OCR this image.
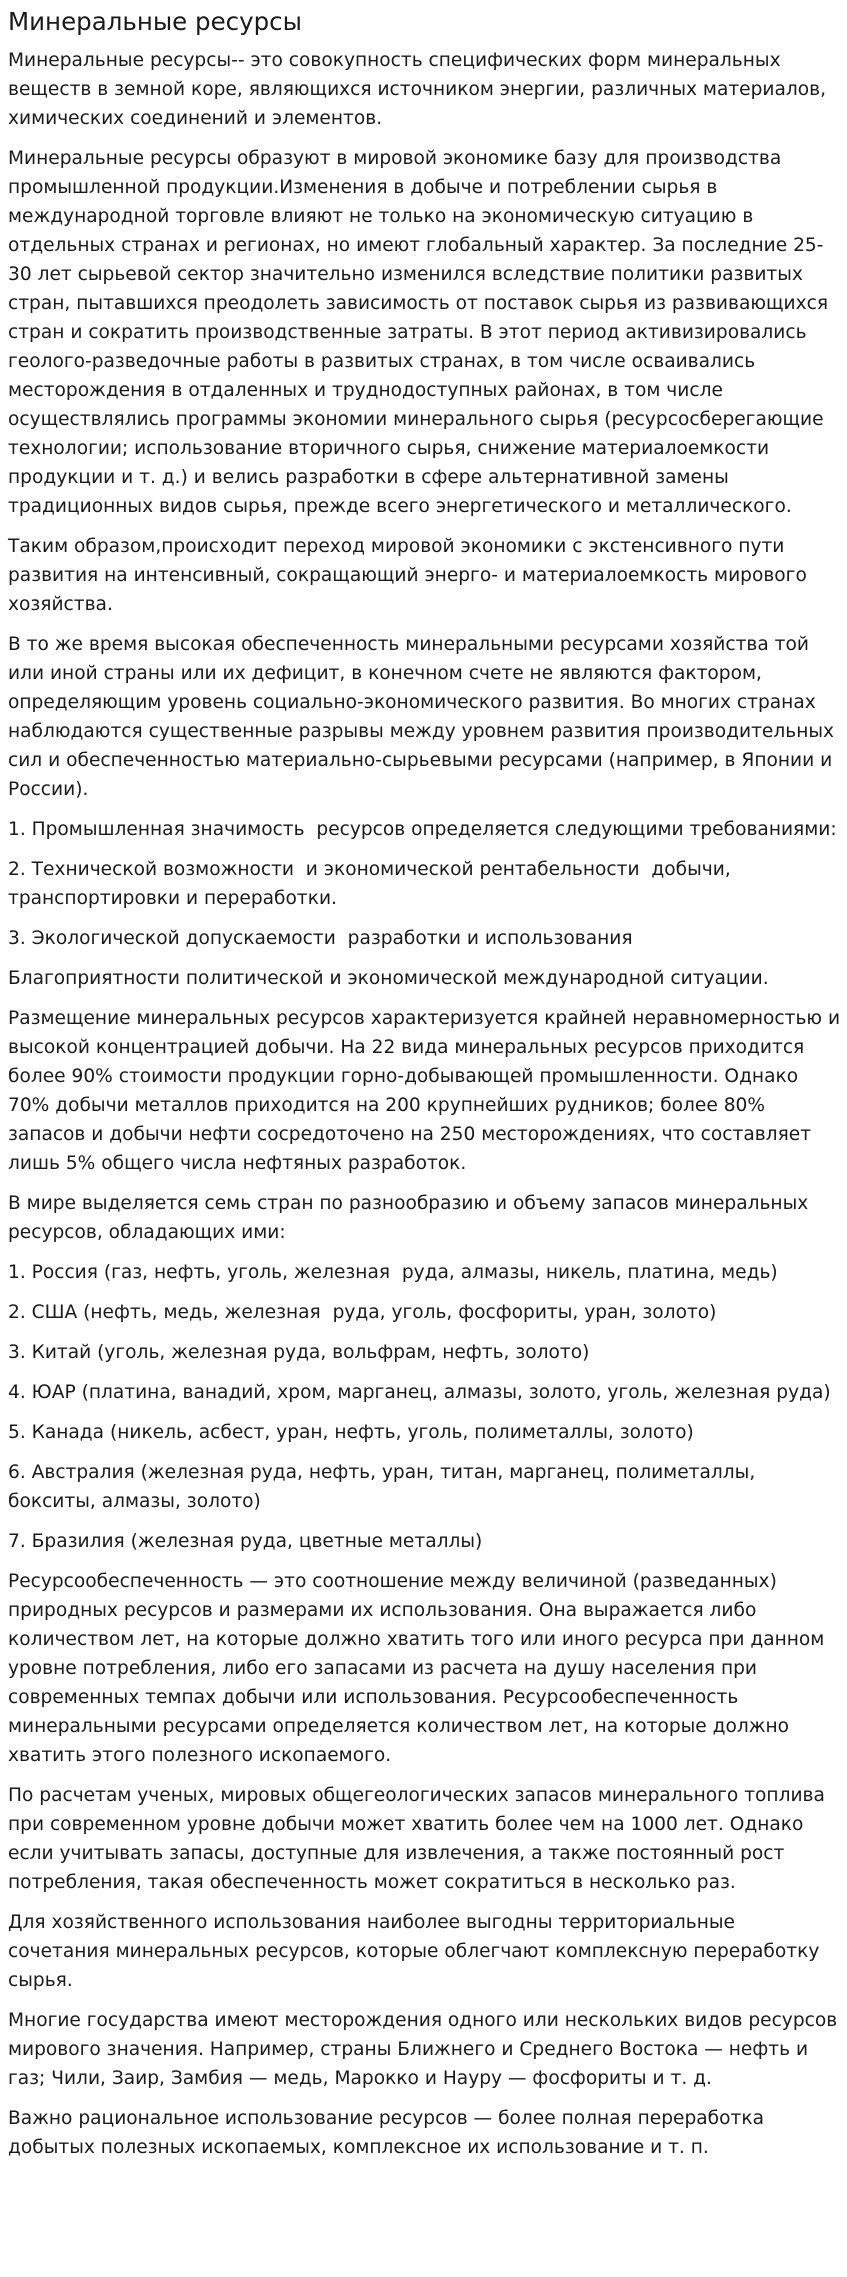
Минеральные ресурсы

Минеральные ресурсы-- это совокупность специфических форм минеральных веществ в земной коре, являющихся источником энергии, различных материалов, химических соединений и элементов.

Минеральные ресурсы образуют в мировой экономике базу для производства промышленной продукции.Изменения в добыче и потреблении сырья в международной торговле влияют не только на экономическую ситуацию в отдельных странах и регионах, но имеют глобальный характер. За последние 25-30 лет сырьевой сектор значительно изменился вследствие политики развитых стран, пытавшихся преодолеть зависимость от поставок сырья из развивающихся стран и сократить производственные затраты. В этот период активизировались геолого-разведочные работы в развитых странах, в том числе осваивались месторождения в отдаленных и труднодоступных районах, в том числе осуществлялись программы экономии минерального сырья (ресурсосберегающие технологии; использование вторичного сырья, снижение материалоемкости продукции и т. д.) и велись разработки в сфере альтернативной замены традиционных видов сырья, прежде всего энергетического и металлического.

Таким образом,происходит переход мировой экономики с экстенсивного пути развития на интенсивный, сокращающий энерго- и материалоемкость мирового хозяйства.

В то же время высокая обеспеченность минеральными ресурсами хозяйства той или иной страны или их дефицит, в конечном счете не являются фактором, определяющим уровень социально-экономического развития. Во многих странах наблюдаются существенные разрывы между уровнем развития производительных сил и обеспеченностью материально-сырьевыми ресурсами (например, в Японии и России).

1. Промышленная значимость  ресурсов определяется следующими требованиями:

2. Технической возможности  и экономической рентабельности  добычи, транспортировки и переработки.

3. Экологической допускаемости  разработки и использования

Благоприятности политической и экономической международной ситуации.

Размещение минеральных ресурсов характеризуется крайней неравномерностью и высокой концентрацией добычи. На 22 вида минеральных ресурсов приходится более 90% стоимости продукции горно-добывающей промышленности. Однако 70% добычи металлов приходится на 200 крупнейших рудников; более 80% запасов и добычи нефти сосредоточено на 250 месторождениях, что составляет лишь 5% общего числа нефтяных разработок.

В мире выделяется семь стран по разнообразию и объему запасов минеральных ресурсов, обладающих ими:

1. Россия (газ, нефть, уголь, железная  руда, алмазы, никель, платина, медь)

2. США (нефть, медь, железная  руда, уголь, фосфориты, уран, золото)

3. Китай (уголь, железная руда, вольфрам, нефть, золото)

4. ЮАР (платина, ванадий, хром, марганец, алмазы, золото, уголь, железная руда)

5. Канада (никель, асбест, уран, нефть, уголь, полиметаллы, золото)

6. Австралия (железная руда, нефть, уран, титан, марганец, полиметаллы, бокситы, алмазы, золото)

7. Бразилия (железная руда, цветные металлы)

Ресурсообеспеченность — это соотношение между величиной (разведанных) природных ресурсов и размерами их использования. Она выражается либо количеством лет, на которые должно хватить того или иного ресурса при данном уровне потребления, либо его запасами из расчета на душу населения при современных темпах добычи или использования. Ресурсообеспеченность минеральными ресурсами определяется количеством лет, на которые должно хватить этого полезного ископаемого.

По расчетам ученых, мировых общегеологических запасов минерального топлива при современном уровне добычи может хватить более чем на 1000 лет. Однако если учитывать запасы, доступные для извлечения, а также постоянный рост потребления, такая обеспеченность может сократиться в несколько раз.

Для хозяйственного использования наиболее выгодны территориальные сочетания минеральных ресурсов, которые облегчают комплексную переработку сырья.

Многие государства имеют месторождения одного или нескольких видов ресурсов мирового значения. Например, страны Ближнего и Среднего Востока — нефть и газ; Чили, Заир, Замбия — медь, Марокко и Науру — фосфориты и т. д.

Важно рациональное использование ресурсов — более полная переработка добытых полезных ископаемых, комплексное их использование и т. п.
